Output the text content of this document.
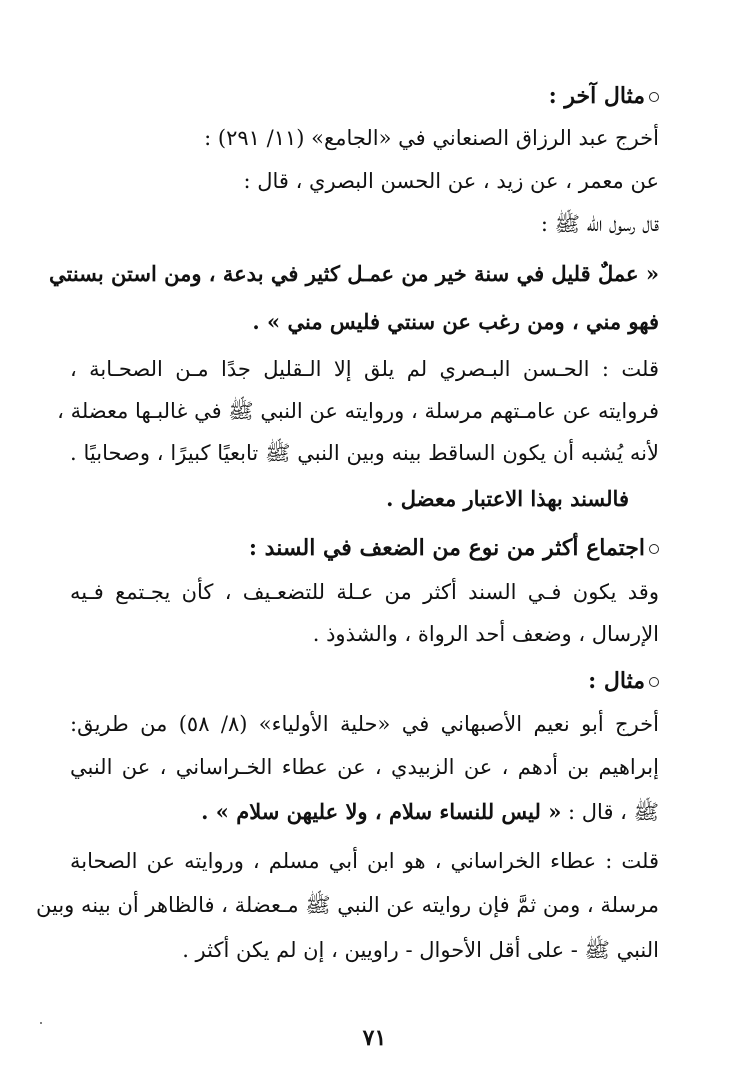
مثال آخر :
أخرج عبد الرزاق الصنعاني في «الجامع» (١١/ ٢٩١) :
عن معمر ، عن زيد ، عن الحسن البصري ، قال :
قال رسول الله ﷺ :
« عملٌ قليل في سنة خير من عمـل كثير في بدعة ، ومن استن بسنتي
فهو مني ، ومن رغب عن سنتي فليس مني » .
قلت : الحـسن البـصري لم يلق إلا الـقليل جدًا مـن الصحـابة ،
فروايته عن عامـتهم مرسلة ، وروايته عن النبي ﷺ في غالبـها معضلة ،
لأنه يُشبه أن يكون الساقط بينه وبين النبي ﷺ تابعيًا كبيرًا ، وصحابيًا .
فالسند بهذا الاعتبار معضل .
اجتماع أكثر من نوع من الضعف في السند :
وقد يكون فـي السند أكثر من عـلة للتضعـيف ، كأن يجـتمع فـيه
الإرسال ، وضعف أحد الرواة ، والشذوذ .
مثال :
أخرج أبو نعيم الأصبهاني في «حلية الأولياء» (٨/ ٥٨) من طريق:
إبراهيم بن أدهم ، عن الزبيدي ، عن عطاء الخـراساني ، عن النبي
ﷺ ، قال : « ليس للنساء سلام ، ولا عليهن سلام » .
قلت : عطاء الخراساني ، هو ابن أبي مسلم ، وروايته عن الصحابة
مرسلة ، ومن ثمَّ فإن روايته عن النبي ﷺ مـعضلة ، فالظاهر أن بينه وبين
النبي ﷺ - على أقل الأحوال - راويين ، إن لم يكن أكثر .
٧١
